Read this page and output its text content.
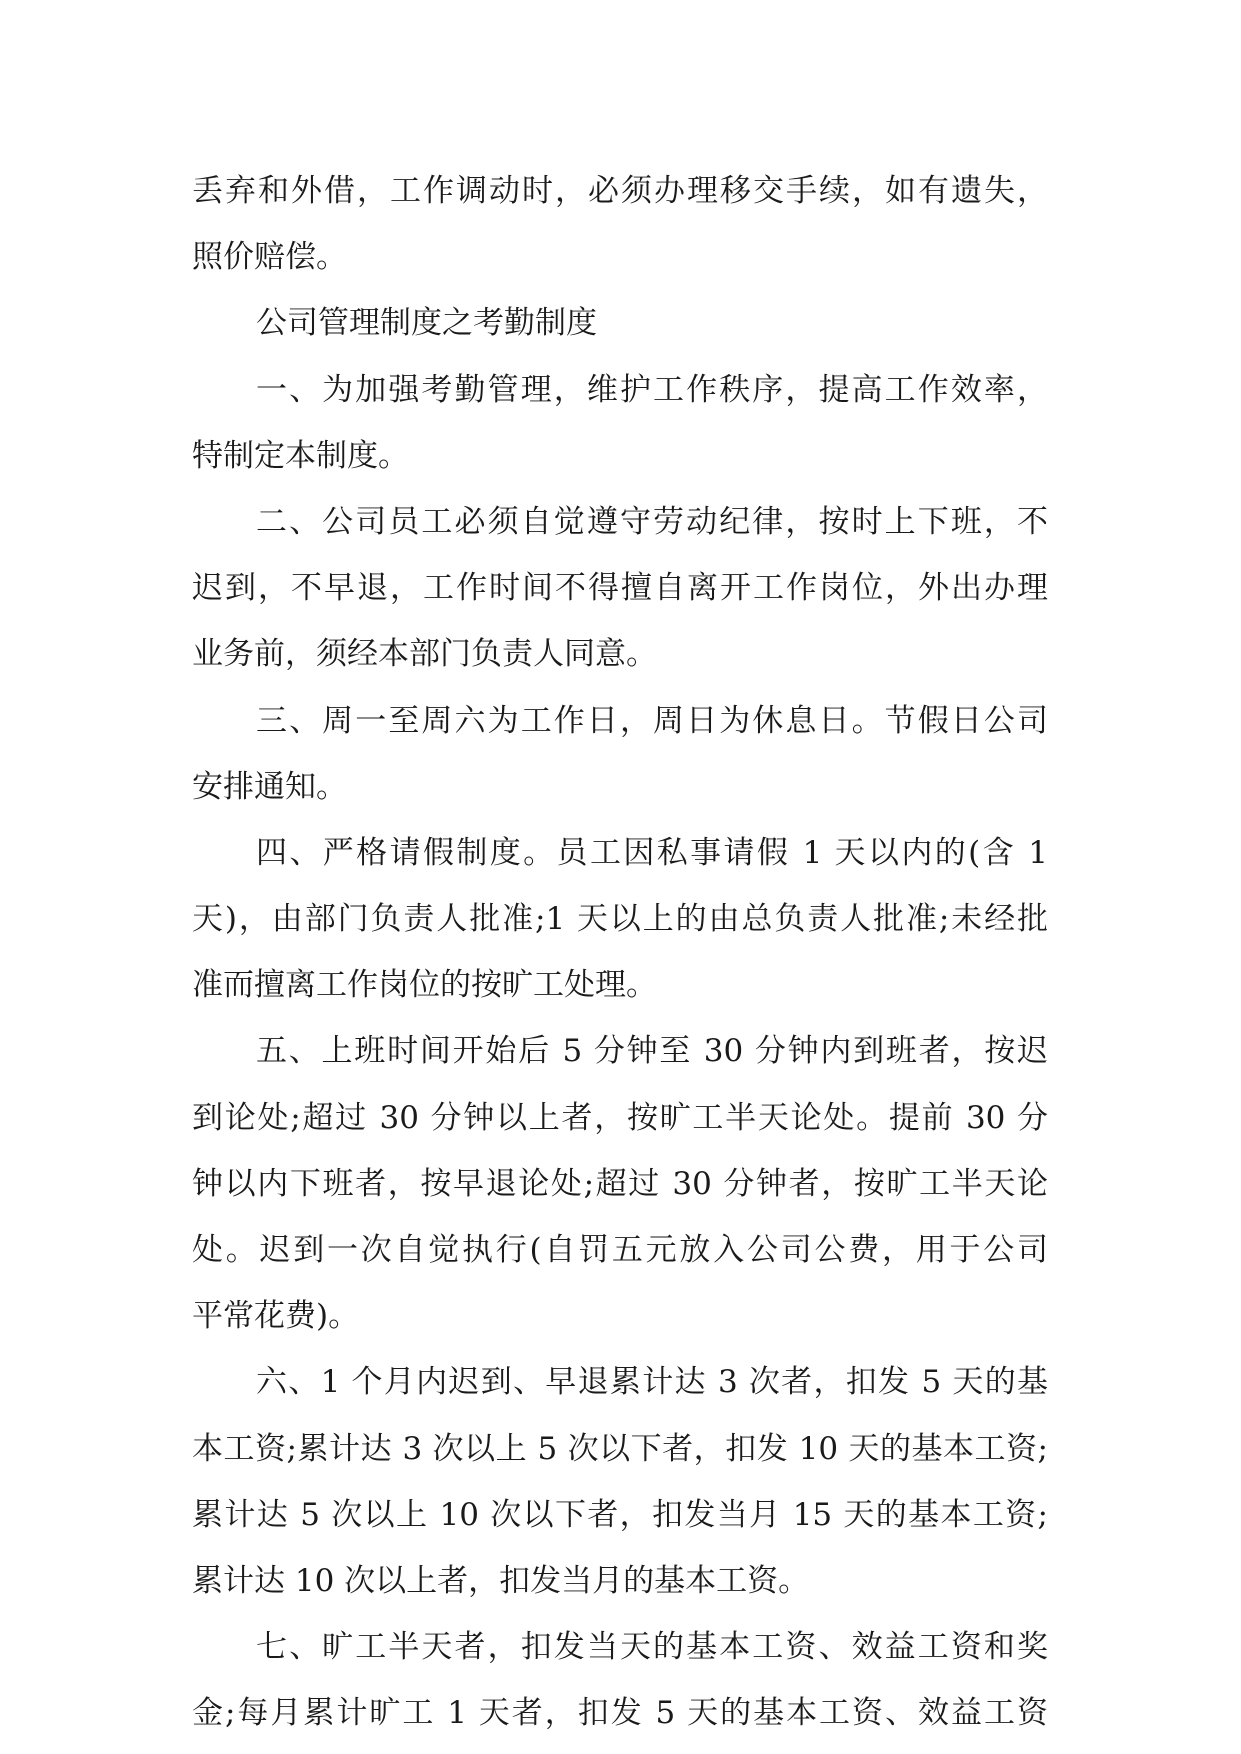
丢弃和外借，工作调动时，必须办理移交手续，如有遗失，
照价赔偿。
公司管理制度之考勤制度
一、为加强考勤管理，维护工作秩序，提高工作效率，
特制定本制度。
二、公司员工必须自觉遵守劳动纪律，按时上下班，不
迟到，不早退，工作时间不得擅自离开工作岗位，外出办理
业务前，须经本部门负责人同意。
三、周一至周六为工作日，周日为休息日。节假日公司
安排通知。
四、严格请假制度。员工因私事请假 1 天以内的(含 1
天)，由部门负责人批准;1 天以上的由总负责人批准;未经批
准而擅离工作岗位的按旷工处理。
五、上班时间开始后 5 分钟至 30 分钟内到班者，按迟
到论处;超过 30 分钟以上者，按旷工半天论处。提前 30 分
钟以内下班者，按早退论处;超过 30 分钟者，按旷工半天论
处。迟到一次自觉执行(自罚五元放入公司公费，用于公司
平常花费)。
六、1 个月内迟到、早退累计达 3 次者，扣发 5 天的基
本工资;累计达 3 次以上 5 次以下者，扣发 10 天的基本工资;
累计达 5 次以上 10 次以下者，扣发当月 15 天的基本工资;
累计达 10 次以上者，扣发当月的基本工资。
七、旷工半天者，扣发当天的基本工资、效益工资和奖
金;每月累计旷工 1 天者，扣发 5 天的基本工资、效益工资
